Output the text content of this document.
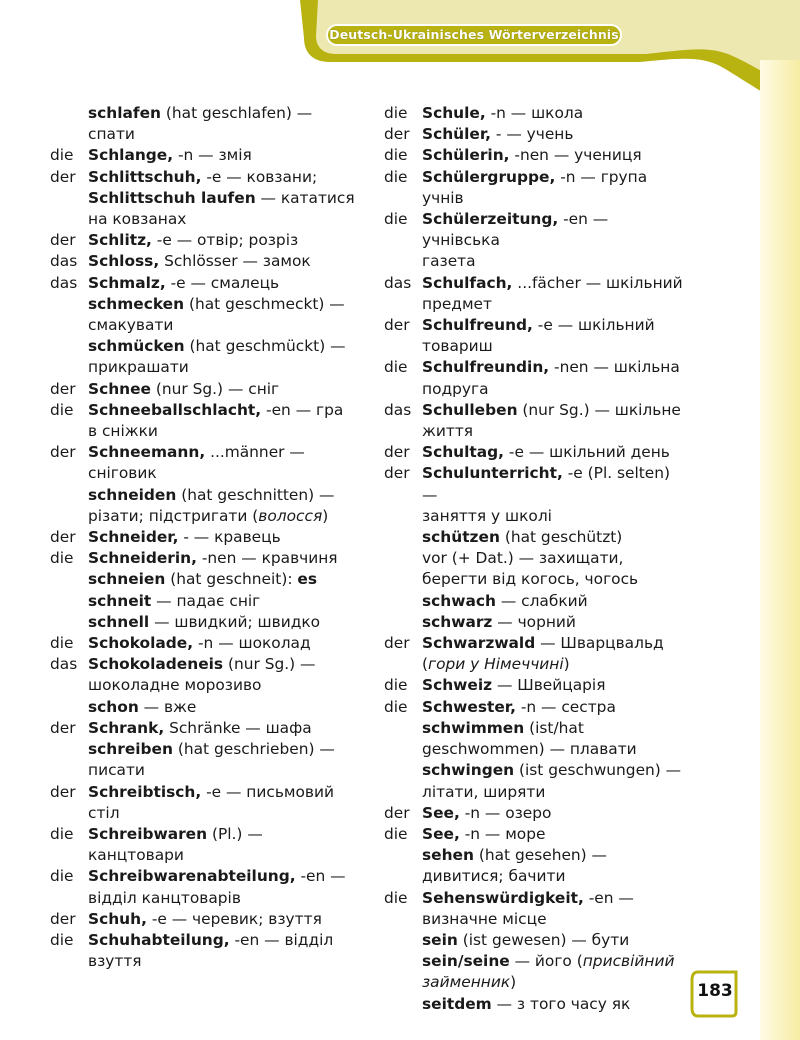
Deutsch-Ukrainisches Wörterverzeichnis
schlafen (hat geschlafen) —
спати
die Schlange, -n — змія
der Schlittschuh, -e — ковзани;
Schlittschuh laufen — кататися
на ковзанах
der Schlitz, -e — отвір; розріз
das Schloss, Schlösser — замок
das Schmalz, -e — смалець
schmecken (hat geschmeckt) —
смакувати
schmücken (hat geschmückt) —
прикрашати
der Schnee (nur Sg.) — сніг
die Schneeballschlacht, -en — гра
в сніжки
der Schneemann, ...männer —
сніговик
schneiden (hat geschnitten) —
різати; підстригати (волосся)
der Schneider, - — кравець
die Schneiderin, -nen — кравчиня
schneien (hat geschneit): es
schneit — падає сніг
schnell — швидкий; швидко
die Schokolade, -n — шоколад
das Schokoladeneis (nur Sg.) —
шоколадне морозиво
schon — вже
der Schrank, Schränke — шафа
schreiben (hat geschrieben) —
писати
der Schreibtisch, -e — письмовий
стіл
die Schreibwaren (Pl.) —
канцтовари
die Schreibwarenabteilung, -en —
відділ канцтоварів
der Schuh, -e — черевик; взуття
die Schuhabteilung, -en — відділ
взуття
die Schule, -n — школа
der Schüler, - — учень
die Schülerin, -nen — учениця
die Schülergruppe, -n — група
учнів
die Schülerzeitung, -en — учнівська
газета
das Schulfach, ...fächer — шкільний
предмет
der Schulfreund, -e — шкільний
товариш
die Schulfreundin, -nen — шкільна
подруга
das Schulleben (nur Sg.) — шкільне
життя
der Schultag, -e — шкільний день
der Schulunterricht, -e (Pl. selten) —
заняття у школі
schützen (hat geschützt)
vor (+ Dat.) — захищати,
берегти від когось, чогось
schwach — слабкий
schwarz — чорний
der Schwarzwald — Шварцвальд
(гори у Німеччині)
die Schweiz — Швейцарія
die Schwester, -n — сестра
schwimmen (ist/hat
geschwommen) — плавати
schwingen (ist geschwungen) —
літати, ширяти
der See, -n — озеро
die See, -n — море
sehen (hat gesehen) —
дивитися; бачити
die Sehenswürdigkeit, -en —
визначне місце
sein (ist gewesen) — бути
sein/seine — його (присвійний
займенник)
seitdem — з того часу як
183
